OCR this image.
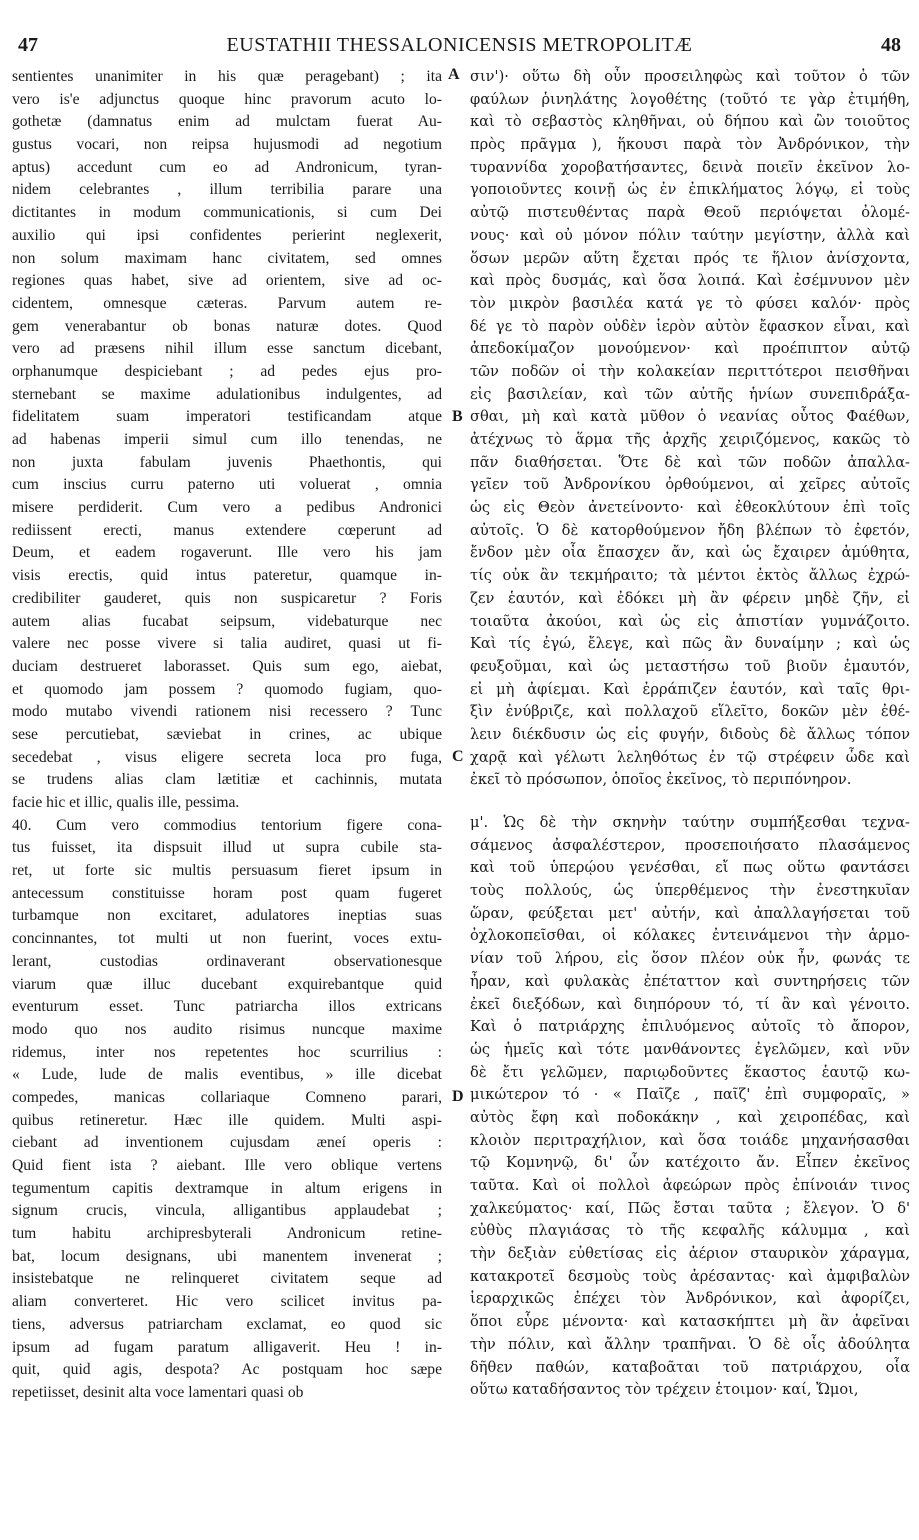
47	EUSTATHII THESSALONICENSIS METROPOLITÆ	48
sentientes unanimiter in his quæ peragebant) ; ita
vero is'e adjunctus quoque hinc pravorum acuto lo-
gothetæ (damnatus enim ad mulctam fuerat Au-
gustus vocari, non reipsa hujusmodi ad negotium
aptus) accedunt cum eo ad Andronicum, tyran-
nidem celebrantes , illum terribilia parare una
dictitantes in modum communicationis, si cum Dei
auxilio qui ipsi confidentes perierint neglexerit,
non solum maximam hanc civitatem, sed omnes
regiones quas habet, sive ad orientem, sive ad oc-
cidentem, omnesque cæteras. Parvum autem re-
gem venerabantur ob bonas naturæ dotes. Quod
vero ad præsens nihil illum esse sanctum dicebant,
orphanumque despiciebant ; ad pedes ejus pro-
sternebant se maxime adulationibus indulgentes, ad
fidelitatem suam imperatori testificandam atque
ad habenas imperii simul cum illo tenendas, ne
non juxta fabulam juvenis Phaethontis, qui
cum inscius curru paterno uti voluerat , omnia
misere perdiderit. Cum vero a pedibus Andronici
rediissent erecti, manus extendere cœperunt ad
Deum, et eadem rogaverunt. Ille vero his jam
visis erectis, quid intus pateretur, quamque in-
credibiliter gauderet, quis non suspicaretur ? Foris
autem alias fucabat seipsum, videbaturque nec
valere nec posse vivere si talia audiret, quasi ut fi-
duciam destrueret laborasset. Quis sum ego, aiebat,
et quomodo jam possem ? quomodo fugiam, quo-
modo mutabo vivendi rationem nisi recessero ? Tunc
sese percutiebat, sæviebat in crines, ac ubique
secedebat , visus eligere secreta loca pro fuga,
se trudens alias clam lætitiæ et cachinnis, mutata
facie hic et illic, qualis ille, pessima.
40. Cum vero commodius tentorium figere cona-
tus fuisset, ita dispsuit illud ut supra cubile sta-
ret, ut forte sic multis persuasum fieret ipsum in
antecessum constituisse horam post quam fugeret
turbamque non excitaret, adulatores ineptias suas
concinnantes, tot multi ut non fuerint, voces extu-
lerant, custodias ordinaverant observationesque
viarum quæ illuc ducebant exquirebantque quid
eventurum esset. Tunc patriarcha illos extricans
modo quo nos audito risimus nuncque maxime
ridemus, inter nos repetentes hoc scurrilius :
« Lude, lude de malis eventibus, » ille dicebat
compedes, manicas collariaque Comneno parari,
quibus retineretur. Hæc ille quidem. Multi aspi-
ciebant ad inventionem cujusdam æneí operis :
Quid fient ista ? aiebant. Ille vero oblique vertens
tegumentum capitis dextramque in altum erigens in
signum crucis, vincula, alligantibus applaudebat ;
tum habitu archipresbyterali Andronicum retine-
bat, locum designans, ubi manentem invenerat ;
insistebatque ne relinqueret civitatem seque ad
aliam converteret. Hic vero scilicet invitus pa-
tiens, adversus patriarcham exclamat, eo quod sic
ipsum ad fugam paratum alligaverit. Heu ! in-
quit, quid agis, despota? Ac postquam hoc sæpe
repetiisset, desinit alta voce lamentari quasi ob
A
B
C
D
σιν')· οὕτω δὴ οὖν προσειληφὼς καὶ τοῦτον ὁ τῶν
φαύλων ῥινηλάτης λογοθέτης (τοῦτό τε γὰρ ἐτιμήθη,
καὶ τὸ σεβαστὸς κληθῆναι, οὐ δήπου καὶ ὢν τοιοῦτος
πρὸς πρᾶγμα ), ἥκουσι παρὰ τὸν Ἀνδρόνικον, τὴν
τυραννίδα χοροβατήσαντες, δεινὰ ποιεῖν ἐκεῖνον λο-
γοποιοῦντες κοινῇ ὡς ἐν ἐπικλήματος λόγῳ, εἰ τοὺς
αὐτῷ πιστευθέντας παρὰ Θεοῦ περιόψεται ὀλομέ-
νους· καὶ οὐ μόνον πόλιν ταύτην μεγίστην, ἀλλὰ καὶ
ὅσων μερῶν αὕτη ἔχεται πρός τε ἥλιον ἀνίσχοντα,
καὶ πρὸς δυσμάς, καὶ ὅσα λοιπά. Καὶ ἐσέμνυνον μὲν
τὸν μικρὸν βασιλέα κατά γε τὸ φύσει καλόν· πρὸς
δέ γε τὸ παρὸν οὐδὲν ἱερὸν αὐτὸν ἔφασκον εἶναι, καὶ
ἀπεδοκίμαζον μονούμενον· καὶ προέπιπτον αὐτῷ
τῶν ποδῶν οἱ τὴν κολακείαν περιττότεροι πεισθῆναι
εἰς βασιλείαν, καὶ τῶν αὐτῆς ἡνίων συνεπιδράξα-
σθαι, μὴ καὶ κατὰ μῦθον ὁ νεανίας οὗτος Φαέθων,
ἀτέχνως τὸ ἅρμα τῆς ἀρχῆς χειριζόμενος, κακῶς τὸ
πᾶν διαθήσεται. Ὅτε δὲ καὶ τῶν ποδῶν ἀπαλλα-
γεῖεν τοῦ Ἀνδρονίκου ὀρθούμενοι, αἱ χεῖρες αὐτοῖς
ὡς εἰς Θεὸν ἀνετείνοντο· καὶ ἐθεοκλύτουν ἐπὶ τοῖς
αὐτοῖς. Ὁ δὲ κατορθούμενον ἤδη βλέπων τὸ ἐφετόν,
ἔνδον μὲν οἷα ἔπασχεν ἄν, καὶ ὡς ἔχαιρεν ἀμύθητα,
τίς οὐκ ἂν τεκμήραιτο; τὰ μέντοι ἐκτὸς ἄλλως ἐχρώ-
ζεν ἑαυτόν, καὶ ἐδόκει μὴ ἂν φέρειν μηδὲ ζῆν, εἰ
τοιαῦτα ἀκούοι, καὶ ὡς εἰς ἀπιστίαν γυμνάζοιτο.
Καὶ τίς ἐγώ, ἔλεγε, καὶ πῶς ἂν δυναίμην ; καὶ ὡς
φευξοῦμαι, καὶ ὡς μεταστήσω τοῦ βιοῦν ἐμαυτόν,
εἰ μὴ ἀφίεμαι. Καὶ ἐρράπιζεν ἑαυτόν, καὶ ταῖς θρι-
ξὶν ἐνύβριζε, καὶ πολλαχοῦ εἵλεῖτο, δοκῶν μὲν ἐθέ-
λειν διέκδυσιν ὡς εἰς φυγήν, διδοὺς δὲ ἄλλως τόπον
χαρᾷ καὶ γέλωτι λεληθότως ἐν τῷ στρέφειν ὧδε καὶ
ἐκεῖ τὸ πρόσωπον, ὁποῖος ἐκεῖνος, τὸ περιπόνηρον.
μ'. Ὡς δὲ τὴν σκηνὴν ταύτην συμπήξεσθαι τεχνα-
σάμενος ἀσφαλέστερον, προσεποιήσατο πλασάμενος
καὶ τοῦ ὑπερῴου γενέσθαι, εἴ πως οὕτω φαντάσει
τοὺς πολλούς, ὡς ὑπερθέμενος τὴν ἐνεστηκυῖαν
ὥραν, φεύξεται μετ' αὐτήν, καὶ ἀπαλλαγήσεται τοῦ
ὀχλοκοπεῖσθαι, οἱ κόλακες ἐντεινάμενοι τὴν ἁρμο-
νίαν τοῦ λήρου, εἰς ὅσον πλέον οὐκ ἦν, φωνάς τε
ἦραν, καὶ φυλακὰς ἐπέταττον καὶ συντηρήσεις τῶν
ἐκεῖ διεξόδων, καὶ διηπόρουν τό, τί ἂν καὶ γένοιτο.
Καὶ ὁ πατριάρχης ἐπιλυόμενος αὐτοῖς τὸ ἄπορον,
ὡς ἡμεῖς καὶ τότε μανθάνοντες ἐγελῶμεν, καὶ νῦν
δὲ ἔτι γελῶμεν, παριῳδοῦντες ἕκαστος ἑαυτῷ κω-
μικώτερον τό · « Παῖζε , παῖζ' ἐπὶ συμφοραῖς, »
αὐτὸς ἔφη καὶ ποδοκάκην , καὶ χειροπέδας, καὶ
κλοιὸν περιτραχήλιον, καὶ ὅσα τοιάδε μηχανήσασθαι
τῷ Κομνηνῷ, δι' ὧν κατέχοιτο ἄν. Εἶπεν ἐκεῖνος
ταῦτα. Καὶ οἱ πολλοὶ ἀφεώρων πρὸς ἐπίνοιάν τινος
χαλκεύματος· καί, Πῶς ἔσται ταῦτα ; ἔλεγον. Ὁ δ'
εὐθὺς πλαγιάσας τὸ τῆς κεφαλῆς κάλυμμα , καὶ
τὴν δεξιὰν εὐθετίσας εἰς ἀέριον σταυρικὸν χάραγμα,
κατακροτεῖ δεσμοὺς τοὺς ἀρέσαντας· καὶ ἀμφιβαλὼν
ἱεραρχικῶς ἐπέχει τὸν Ἀνδρόνικον, καὶ ἀφορίζει,
ὅποι εὗρε μένοντα· καὶ κατασκήπτει μὴ ἂν ἀφεῖναι
τὴν πόλιν, καὶ ἄλλην τραπῆναι. Ὁ δὲ οἷς ἀδούλητα
δῆθεν παθών, καταβοᾶται τοῦ πατριάρχου, οἷα
οὕτω καταδήσαντος τὸν τρέχειν ἑτοιμον· καί, Ὤμοι,
